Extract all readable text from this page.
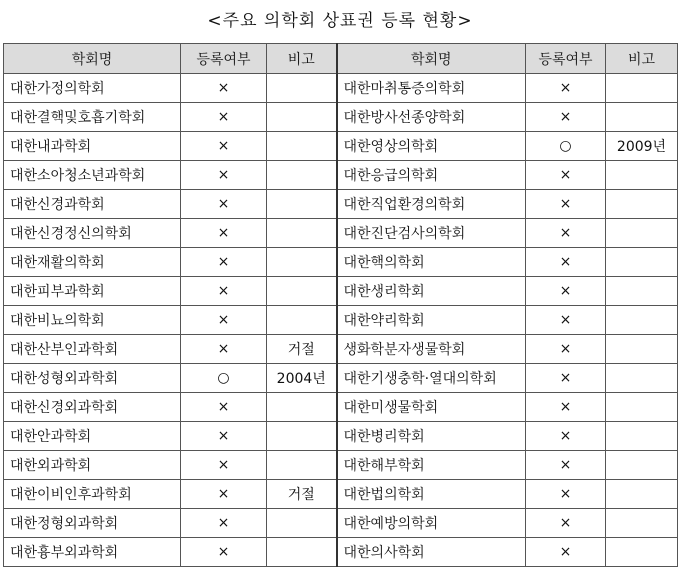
<주요 의학회 상표권 등록 현황>
학회명	등록여부	비고	학회명	등록여부	비고
대한가정의학회	×		대한마취통증의학회	×	
대한결핵및호흡기학회	×		대한방사선종양학회	×	
대한내과학회	×		대한영상의학회	○	2009년
대한소아청소년과학회	×		대한응급의학회	×	
대한신경과학회	×		대한직업환경의학회	×	
대한신경정신의학회	×		대한진단검사의학회	×	
대한재활의학회	×		대한핵의학회	×	
대한피부과학회	×		대한생리학회	×	
대한비뇨의학회	×		대한약리학회	×	
대한산부인과학회	×	거절	생화학분자생물학회	×	
대한성형외과학회	○	2004년	대한기생충학·열대의학회	×	
대한신경외과학회	×		대한미생물학회	×	
대한안과학회	×		대한병리학회	×	
대한외과학회	×		대한해부학회	×	
대한이비인후과학회	×	거절	대한법의학회	×	
대한정형외과학회	×		대한예방의학회	×	
대한흉부외과학회	×		대한의사학회	×	
